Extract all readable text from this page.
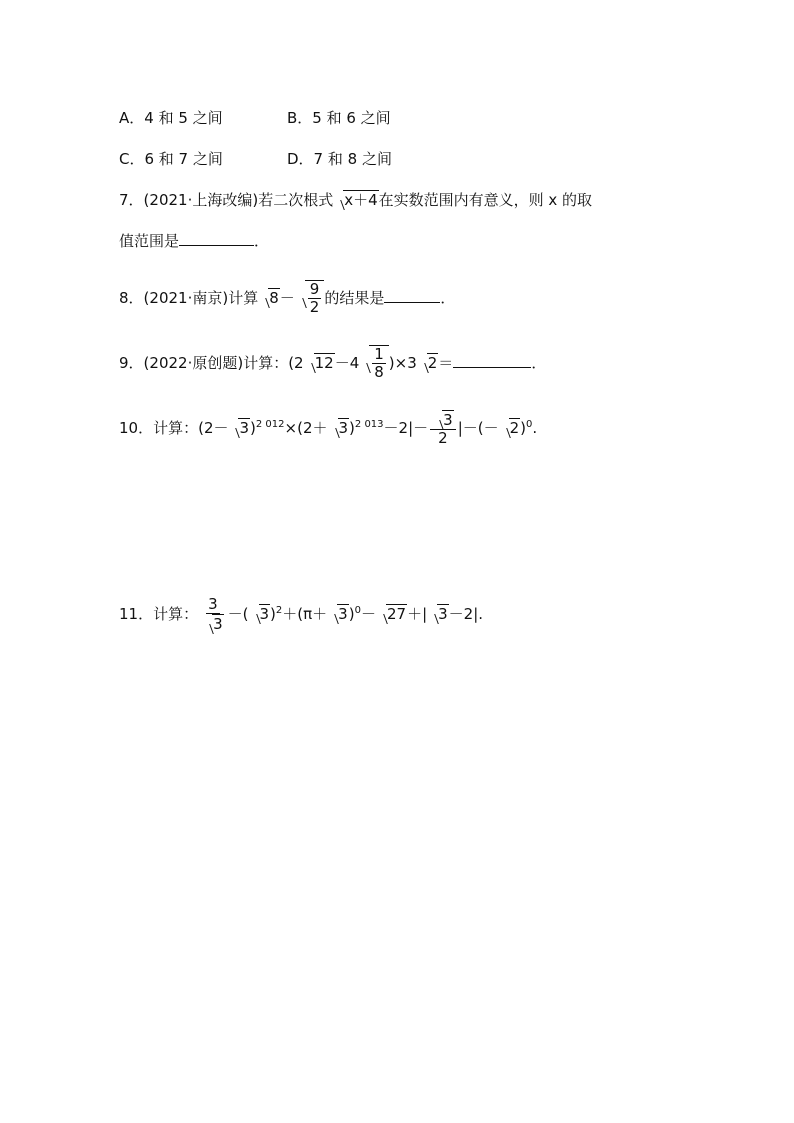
A．4 和 5 之间	B．5 和 6 之间
C．6 和 7 之间	D．7 和 8 之间
7．(2021·上海改编)若二次根式 x＋4在实数范围内有意义，则 x 的取
值范围是	．
8．(2021·南京)计算 $8- \frac{9}{2}$ 的结果是	．
9．(2022·原创题)计算：(2 $12-4 \frac{1}{8} )\times 3$ 2＝	．
10．计算：$(2- 3)^{2 012}\times(2+ 3)^{2 013}-2|- \frac{3}{2}$ |－(－ 2)$^0$.
11．计算： $\frac{3}{3}$ －( $3)^2+(\pi+ 3)^0- 27+|$ 3－2|.
